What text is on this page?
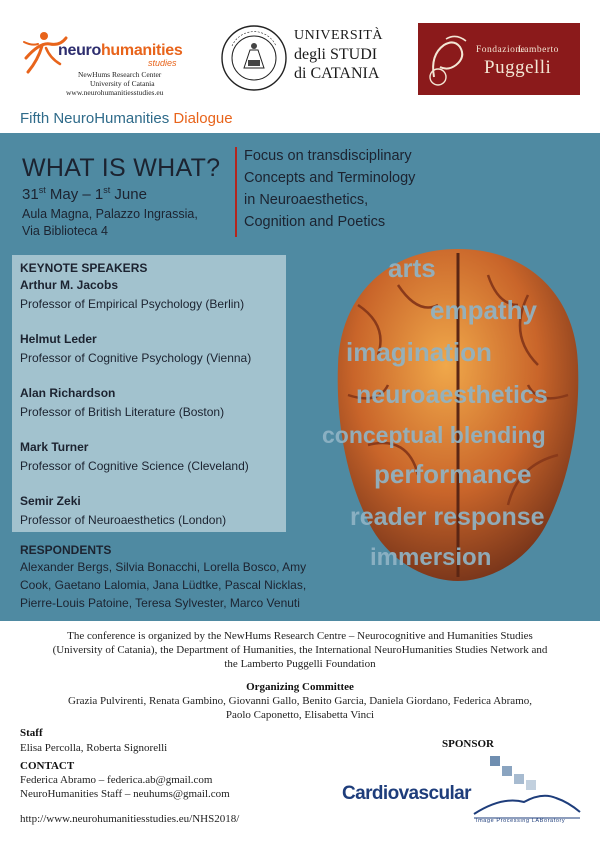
neurohumanities
studies
NewHums Research Center
University of Catania
www.neurohumanitiesstudies.eu
UNIVERSITÀ
degli STUDI
di CATANIA
Fondazione
Lamberto
Puggelli
Fifth NeuroHumanities Dialogue
arts
empathy
imagination
neuroaesthetics
conceptual blending
performance
reader response
immersion
WHAT IS WHAT?
31st May – 1st June
Aula Magna, Palazzo Ingrassia,
Via Biblioteca 4
Focus on transdisciplinary
Concepts and Terminology
in Neuroaesthetics,
Cognition and Poetics
KEYNOTE SPEAKERS
Arthur M. Jacobs
Professor of Empirical Psychology (Berlin)
Helmut Leder
Professor of Cognitive Psychology (Vienna)
Alan Richardson
Professor of British Literature (Boston)
Mark Turner
Professor of Cognitive Science (Cleveland)
Semir Zeki
Professor of Neuroaesthetics (London)
RESPONDENTS
Alexander Bergs, Silvia Bonacchi, Lorella Bosco, Amy
Cook, Gaetano Lalomia, Jana Lüdtke, Pascal Nicklas,
Pierre-Louis Patoine, Teresa Sylvester, Marco Venuti
The conference is organized by the NewHums Research Centre – Neurocognitive and Humanities Studies
(University of Catania), the Department of Humanities, the International NeuroHumanities Studies Network and
the Lamberto Puggelli Foundation
Organizing Committee
Grazia Pulvirenti, Renata Gambino, Giovanni Gallo, Benito Garcia, Daniela Giordano, Federica Abramo,
Paolo Caponetto, Elisabetta Vinci
Staff
Elisa Percolla, Roberta Signorelli
CONTACT
Federica Abramo – federica.ab@gmail.com
NeuroHumanities Staff – neuhums@gmail.com
http://www.neurohumanitiesstudies.eu/NHS2018/
SPONSOR
Cardiovascular
Image Processing LABoratory
